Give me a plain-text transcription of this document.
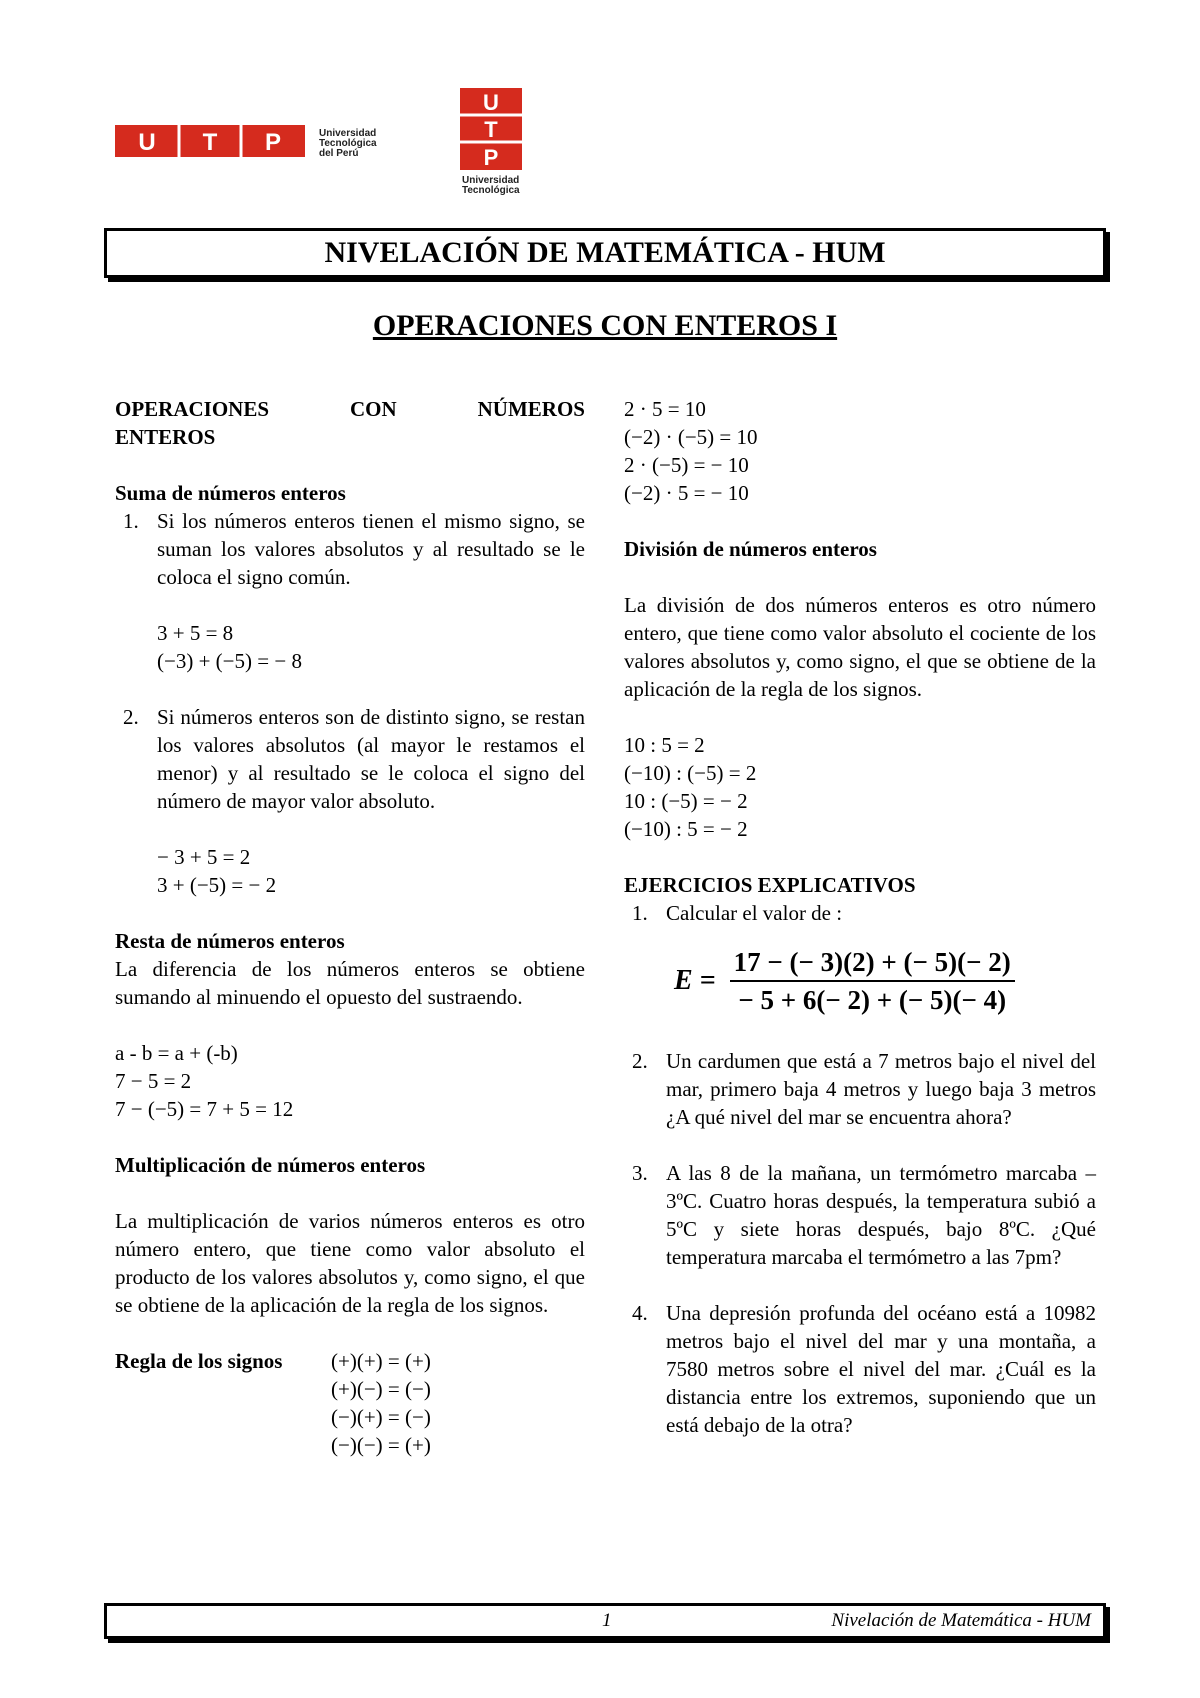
U T P	Universidad
Tecnológica
del Perú
U
T
P
Universidad
Tecnológica
NIVELACIÓN DE MATEMÁTICA - HUM
OPERACIONES CON ENTEROS I
OPERACIONES	CON	NÚMEROS
ENTEROS
Suma de números enteros
1. Si los números enteros tienen el mismo signo, se suman los valores absolutos y al resultado se le coloca el signo común.
3 + 5 = 8
(−3) + (−5) = − 8
2. Si números enteros son de distinto signo, se restan los valores absolutos (al mayor le restamos el menor) y al resultado se le coloca el signo del número de mayor valor absoluto.
− 3 + 5 = 2
3 + (−5) = − 2
Resta de números enteros
La diferencia de los números enteros se obtiene sumando al minuendo el opuesto del sustraendo.
a - b = a + (-b)
7 − 5 = 2
7 − (−5) = 7 + 5 = 12
Multiplicación de números enteros
La multiplicación de varios números enteros es otro número entero, que tiene como valor absoluto el producto de los valores absolutos y, como signo, el que se obtiene de la aplicación de la regla de los signos.
Regla de los signos	(+)(+) = (+)
(+)(−) = (−)
(−)(+) = (−)
(−)(−) = (+)
2 · 5 = 10
(−2) · (−5) = 10
2 · (−5) = − 10
(−2) · 5 = − 10
División de números enteros
La división de dos números enteros es otro número entero, que tiene como valor absoluto el cociente de los valores absolutos y, como signo, el que se obtiene de la aplicación de la regla de los signos.
10 : 5 = 2
(−10) : (−5) = 2
10 : (−5) = − 2
(−10) : 5 = − 2
EJERCICIOS EXPLICATIVOS
1. Calcular el valor de :
$E = \frac{17 - (- 3)(2) + (- 5)(- 2)}{- 5 + 6(- 2) + (- 5)(- 4)}$
2. Un cardumen que está a 7 metros bajo el nivel del mar, primero baja 4 metros y luego baja 3 metros ¿A qué nivel del mar se encuentra ahora?
3. A las 8 de la mañana, un termómetro marcaba – 3ºC. Cuatro horas después, la temperatura subió a 5ºC y siete horas después, bajo 8ºC. ¿Qué temperatura marcaba el termómetro a las 7pm?
4. Una depresión profunda del océano está a 10982 metros bajo el nivel del mar y una montaña, a 7580 metros sobre el nivel del mar. ¿Cuál es la distancia entre los extremos, suponiendo que un está debajo de la otra?
1	Nivelación de Matemática - HUM
